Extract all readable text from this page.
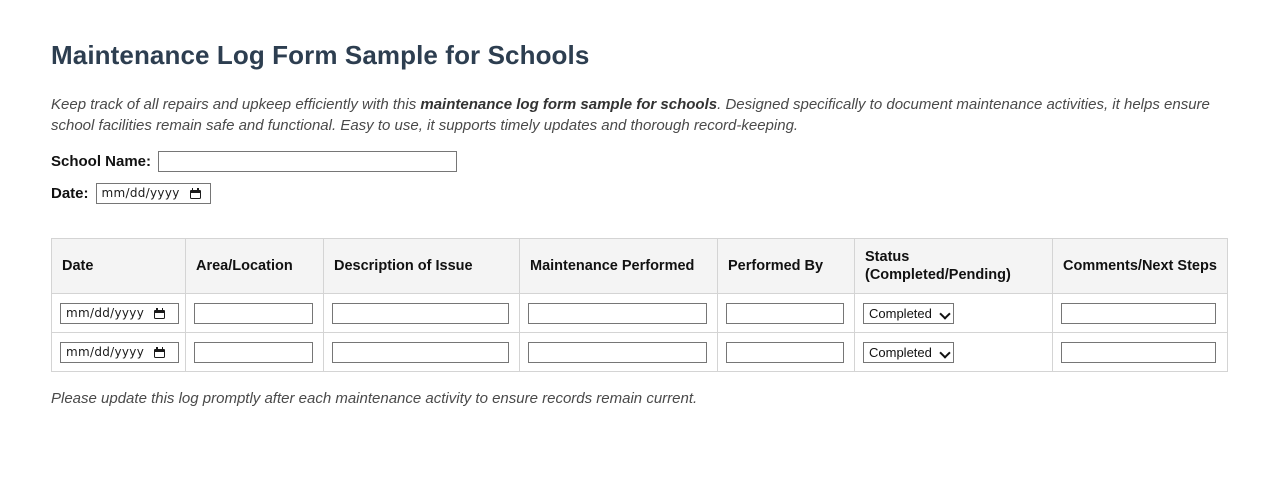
Maintenance Log Form Sample for Schools

Keep track of all repairs and upkeep efficiently with this maintenance log form sample for schools. Designed specifically to document maintenance activities, it helps ensure school facilities remain safe and functional. Easy to use, it supports timely updates and thorough record-keeping.

School Name:
Date: mm/dd/yyyy
Date	Area/Location	Description of Issue	Maintenance Performed	Performed By	Status (Completed/Pending)	Comments/Next Steps

mm/dd/yyyy					Completed

mm/dd/yyyy					Completed

Please update this log promptly after each maintenance activity to ensure records remain current.
